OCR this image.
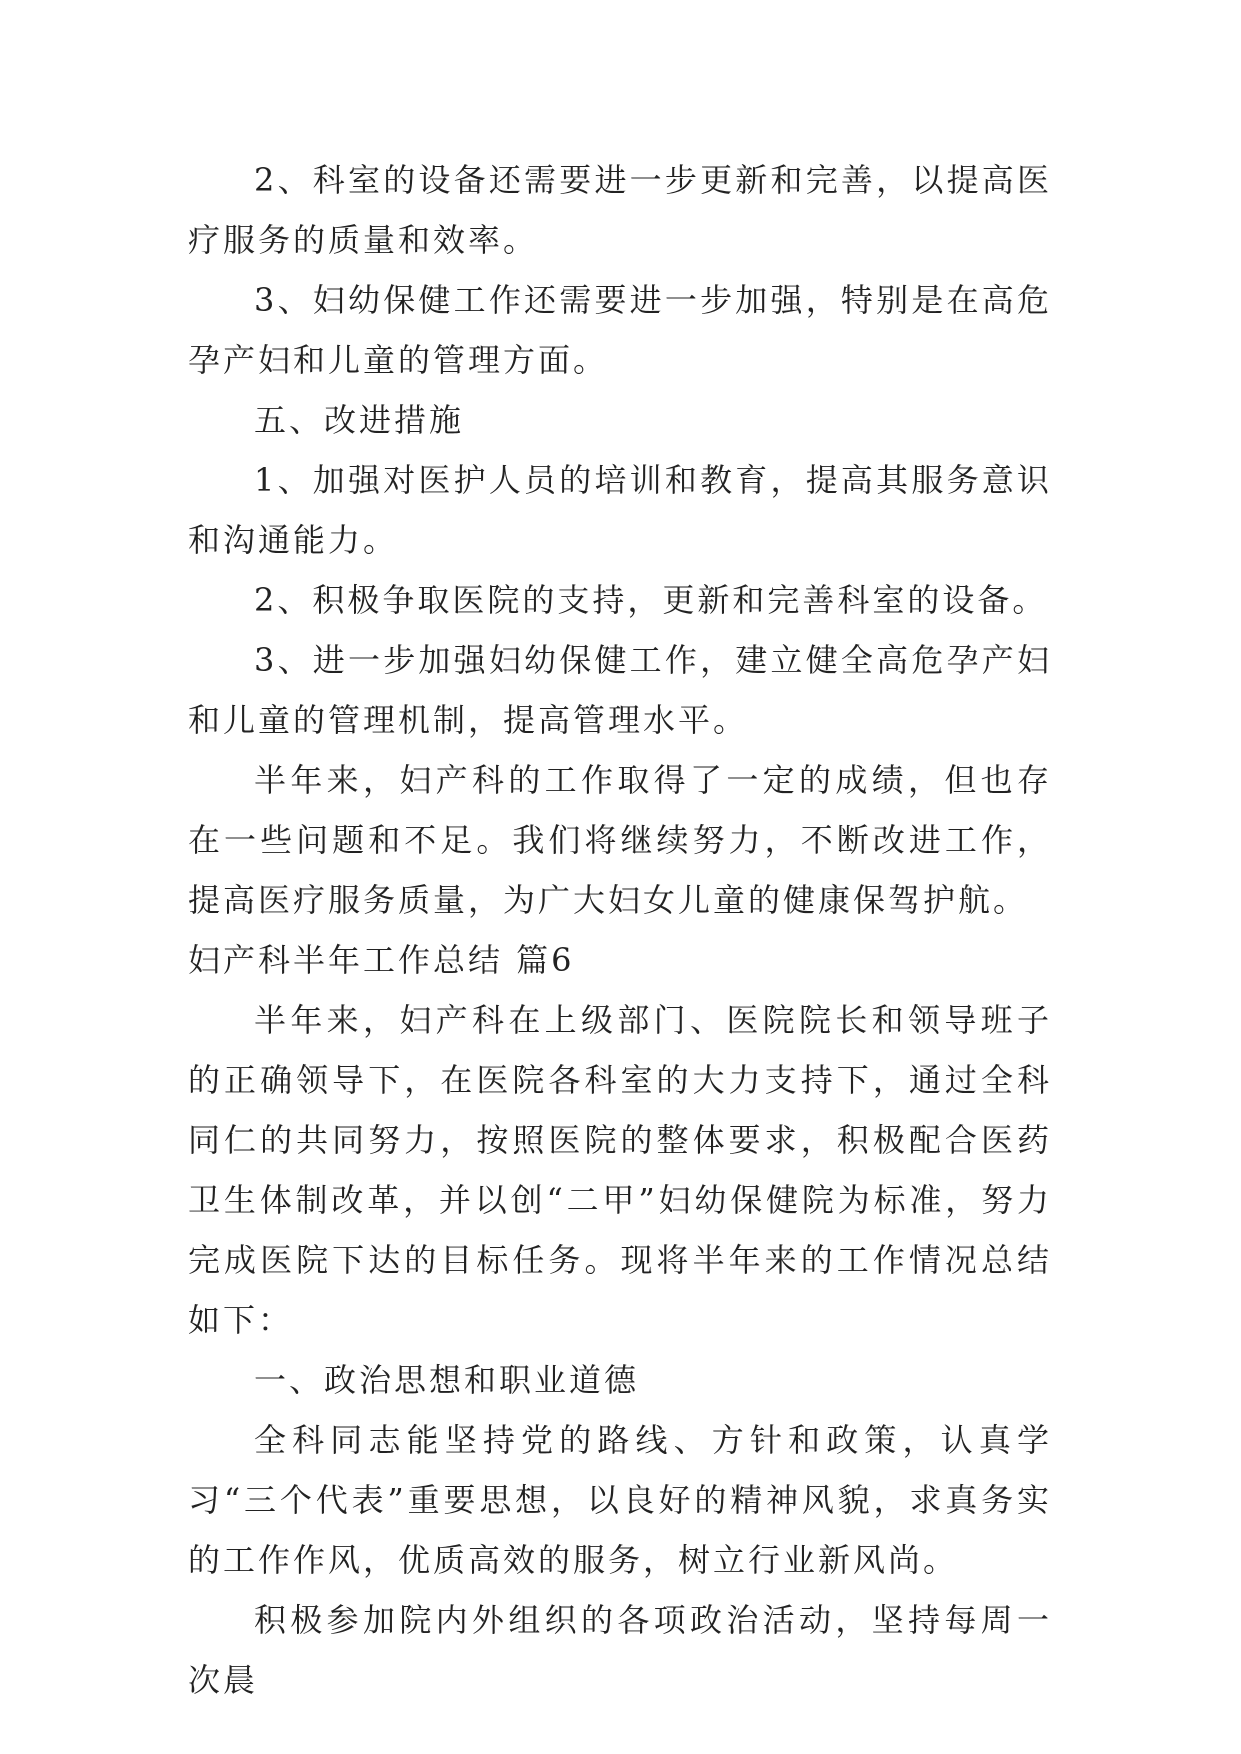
2、科室的设备还需要进一步更新和完善，以提高医疗服务的质量和效率。

3、妇幼保健工作还需要进一步加强，特别是在高危孕产妇和儿童的管理方面。

五、改进措施

1、加强对医护人员的培训和教育，提高其服务意识和沟通能力。

2、积极争取医院的支持，更新和完善科室的设备。

3、进一步加强妇幼保健工作，建立健全高危孕产妇和儿童的管理机制，提高管理水平。

半年来，妇产科的工作取得了一定的成绩，但也存在一些问题和不足。我们将继续努力，不断改进工作，提高医疗服务质量，为广大妇女儿童的健康保驾护航。

妇产科半年工作总结 篇6

半年来，妇产科在上级部门、医院院长和领导班子的正确领导下，在医院各科室的大力支持下，通过全科同仁的共同努力，按照医院的整体要求，积极配合医药卫生体制改革，并以创“二甲”妇幼保健院为标准，努力完成医院下达的目标任务。现将半年来的工作情况总结如下：

一、政治思想和职业道德

全科同志能坚持党的路线、方针和政策，认真学习“三个代表”重要思想，以良好的精神风貌，求真务实的工作作风，优质高效的服务，树立行业新风尚。

积极参加院内外组织的各项政治活动，坚持每周一次晨
